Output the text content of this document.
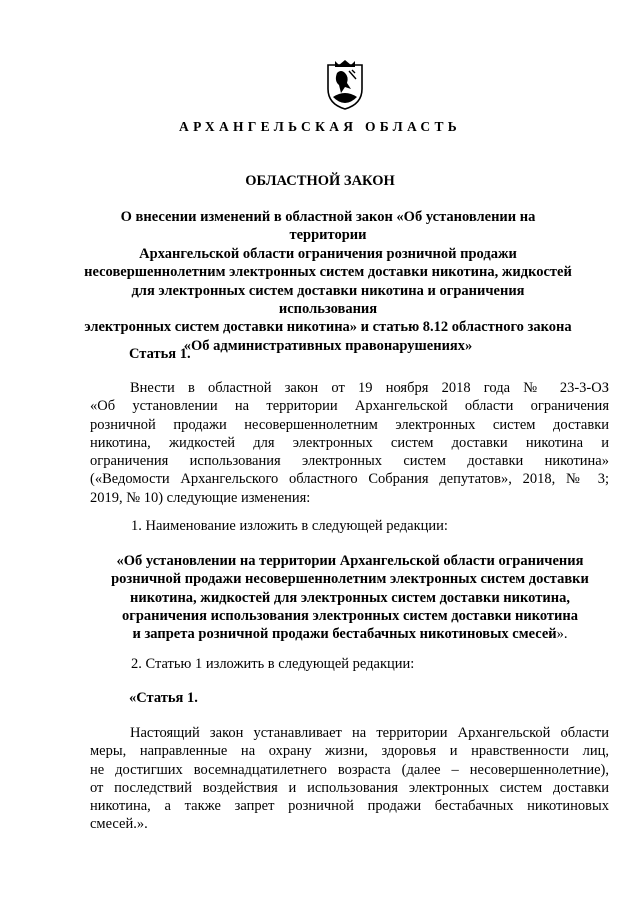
АРХАНГЕЛЬСКАЯ ОБЛАСТЬ
ОБЛАСТНОЙ ЗАКОН
О внесении изменений в областной закон «Об установлении на территории
Архангельской области ограничения розничной продажи
несовершеннолетним электронных систем доставки никотина, жидкостей
для электронных систем доставки никотина и ограничения использования
электронных систем доставки никотина» и статью 8.12 областного закона
«Об административных правонарушениях»
Статья 1.
Внести в областной закон от 19 ноября 2018 года № 23-3-ОЗ
«Об установлении на территории Архангельской области ограничения
розничной продажи несовершеннолетним электронных систем доставки
никотина, жидкостей для электронных систем доставки никотина и
ограничения использования электронных систем доставки никотина»
(«Ведомости Архангельского областного Собрания депутатов», 2018, № 3;
2019, № 10) следующие изменения:
1. Наименование изложить в следующей редакции:
«Об установлении на территории Архангельской области ограничения
розничной продажи несовершеннолетним электронных систем доставки
никотина, жидкостей для электронных систем доставки никотина,
ограничения использования электронных систем доставки никотина
и запрета розничной продажи бестабачных никотиновых смесей».
2. Статью 1 изложить в следующей редакции:
«Статья 1.
Настоящий закон устанавливает на территории Архангельской области
меры, направленные на охрану жизни, здоровья и нравственности лиц,
не достигших восемнадцатилетнего возраста (далее – несовершеннолетние),
от последствий воздействия и использования электронных систем доставки
никотина, а также запрет розничной продажи бестабачных никотиновых
смесей.».
